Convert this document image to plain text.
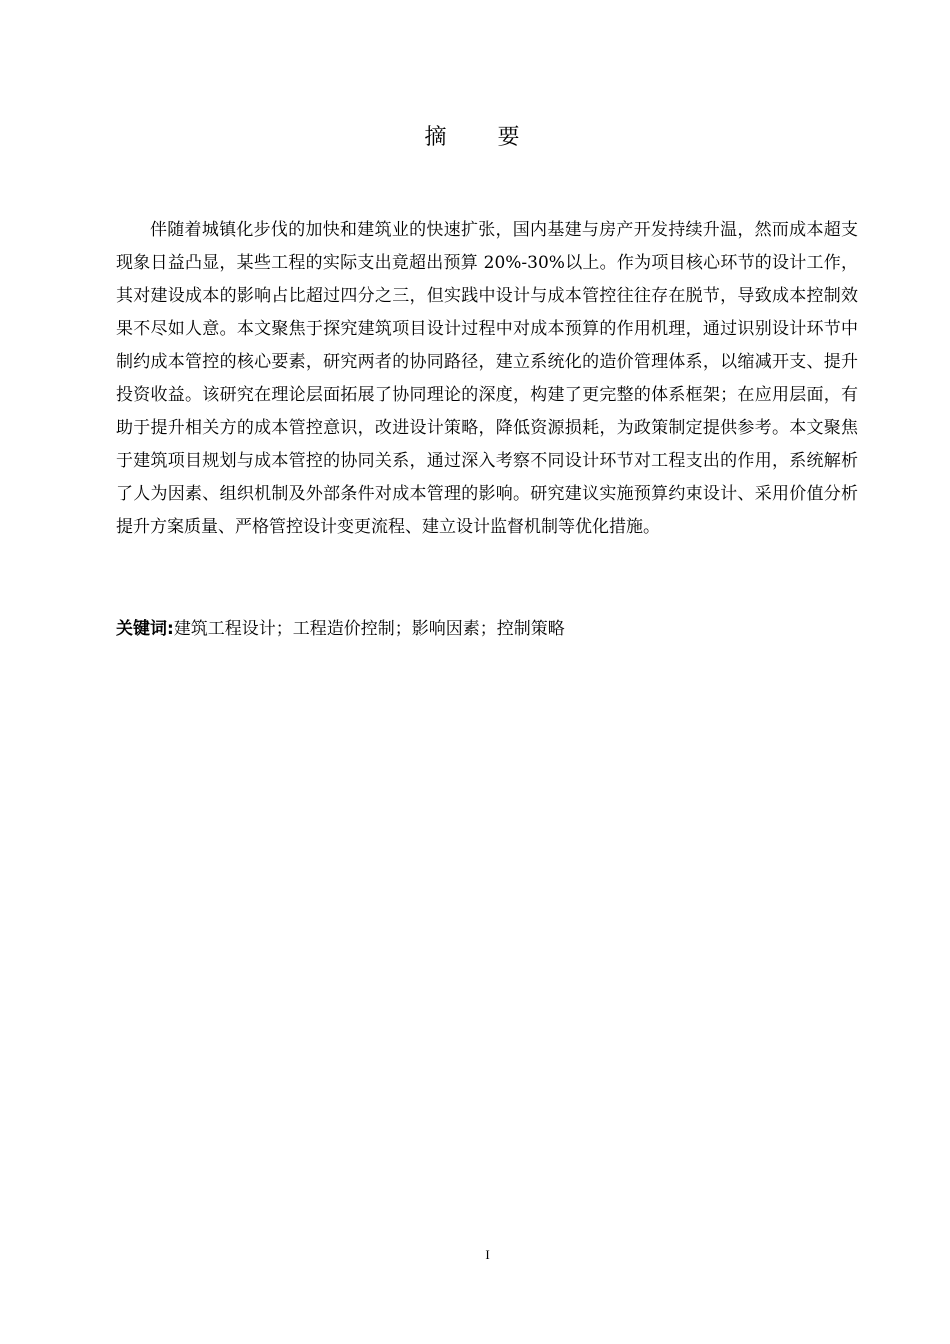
摘 要

伴随着城镇化步伐的加快和建筑业的快速扩张，国内基建与房产开发持续升温，然而成本超支现象日益凸显，某些工程的实际支出竟超出预算 20%-30%以上。作为项目核心环节的设计工作，其对建设成本的影响占比超过四分之三，但实践中设计与成本管控往往存在脱节，导致成本控制效果不尽如人意。本文聚焦于探究建筑项目设计过程中对成本预算的作用机理，通过识别设计环节中制约成本管控的核心要素，研究两者的协同路径，建立系统化的造价管理体系，以缩减开支、提升投资收益。该研究在理论层面拓展了协同理论的深度，构建了更完整的体系框架；在应用层面，有助于提升相关方的成本管控意识，改进设计策略，降低资源损耗，为政策制定提供参考。本文聚焦于建筑项目规划与成本管控的协同关系，通过深入考察不同设计环节对工程支出的作用，系统解析了人为因素、组织机制及外部条件对成本管理的影响。研究建议实施预算约束设计、采用价值分析提升方案质量、严格管控设计变更流程、建立设计监督机制等优化措施。

关键词:建筑工程设计；工程造价控制；影响因素；控制策略

I
